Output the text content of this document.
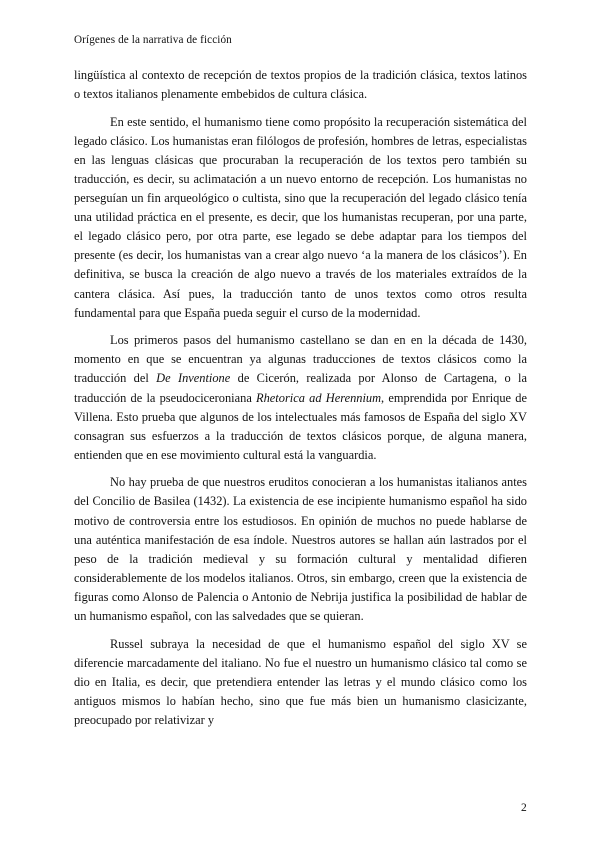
Orígenes de la narrativa de ficción

lingüística al contexto de recepción de textos propios de la tradición clásica, textos latinos o textos italianos plenamente embebidos de cultura clásica.

En este sentido, el humanismo tiene como propósito la recuperación sistemática del legado clásico. Los humanistas eran filólogos de profesión, hombres de letras, especialistas en las lenguas clásicas que procuraban la recuperación de los textos pero también su traducción, es decir, su aclimatación a un nuevo entorno de recepción. Los humanistas no perseguían un fin arqueológico o cultista, sino que la recuperación del legado clásico tenía una utilidad práctica en el presente, es decir, que los humanistas recuperan, por una parte, el legado clásico pero, por otra parte, ese legado se debe adaptar para los tiempos del presente (es decir, los humanistas van a crear algo nuevo ‘a la manera de los clásicos’). En definitiva, se busca la creación de algo nuevo a través de los materiales extraídos de la cantera clásica. Así pues, la traducción tanto de unos textos como otros resulta fundamental para que España pueda seguir el curso de la modernidad.

Los primeros pasos del humanismo castellano se dan en en la década de 1430, momento en que se encuentran ya algunas traducciones de textos clásicos como la traducción del De Inventione de Cicerón, realizada por Alonso de Cartagena, o la traducción de la pseudociceroniana Rhetorica ad Herennium, emprendida por Enrique de Villena. Esto prueba que algunos de los intelectuales más famosos de España del siglo XV consagran sus esfuerzos a la traducción de textos clásicos porque, de alguna manera, entienden que en ese movimiento cultural está la vanguardia.

No hay prueba de que nuestros eruditos conocieran a los humanistas italianos antes del Concilio de Basilea (1432). La existencia de ese incipiente humanismo español ha sido motivo de controversia entre los estudiosos. En opinión de muchos no puede hablarse de una auténtica manifestación de esa índole. Nuestros autores se hallan aún lastrados por el peso de la tradición medieval y su formación cultural y mentalidad difieren considerablemente de los modelos italianos. Otros, sin embargo, creen que la existencia de figuras como Alonso de Palencia o Antonio de Nebrija justifica la posibilidad de hablar de un humanismo español, con las salvedades que se quieran.

Russel subraya la necesidad de que el humanismo español del siglo XV se diferencie marcadamente del italiano. No fue el nuestro un humanismo clásico tal como se dio en Italia, es decir, que pretendiera entender las letras y el mundo clásico como los antiguos mismos lo habían hecho, sino que fue más bien un humanismo clasicizante, preocupado por relativizar y

2
